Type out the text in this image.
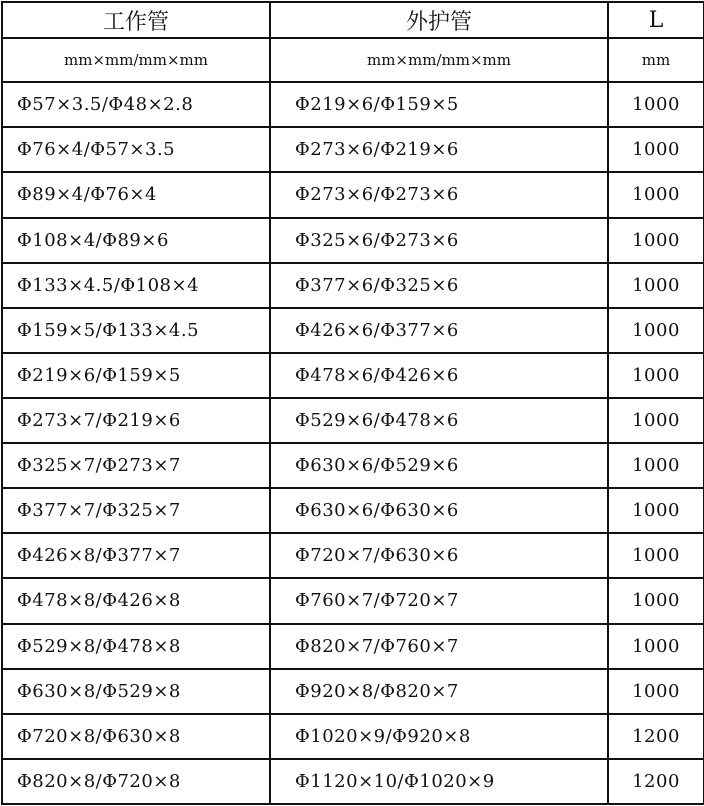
工作管	外护管	L
mm×mm/mm×mm	mm×mm/mm×mm	mm
Φ57×3.5/Φ48×2.8	Φ219×6/Φ159×5	1000
Φ76×4/Φ57×3.5	Φ273×6/Φ219×6	1000
Φ89×4/Φ76×4	Φ273×6/Φ273×6	1000
Φ108×4/Φ89×6	Φ325×6/Φ273×6	1000
Φ133×4.5/Φ108×4	Φ377×6/Φ325×6	1000
Φ159×5/Φ133×4.5	Φ426×6/Φ377×6	1000
Φ219×6/Φ159×5	Φ478×6/Φ426×6	1000
Φ273×7/Φ219×6	Φ529×6/Φ478×6	1000
Φ325×7/Φ273×7	Φ630×6/Φ529×6	1000
Φ377×7/Φ325×7	Φ630×6/Φ630×6	1000
Φ426×8/Φ377×7	Φ720×7/Φ630×6	1000
Φ478×8/Φ426×8	Φ760×7/Φ720×7	1000
Φ529×8/Φ478×8	Φ820×7/Φ760×7	1000
Φ630×8/Φ529×8	Φ920×8/Φ820×7	1000
Φ720×8/Φ630×8	Φ1020×9/Φ920×8	1200
Φ820×8/Φ720×8	Φ1120×10/Φ1020×9	1200
